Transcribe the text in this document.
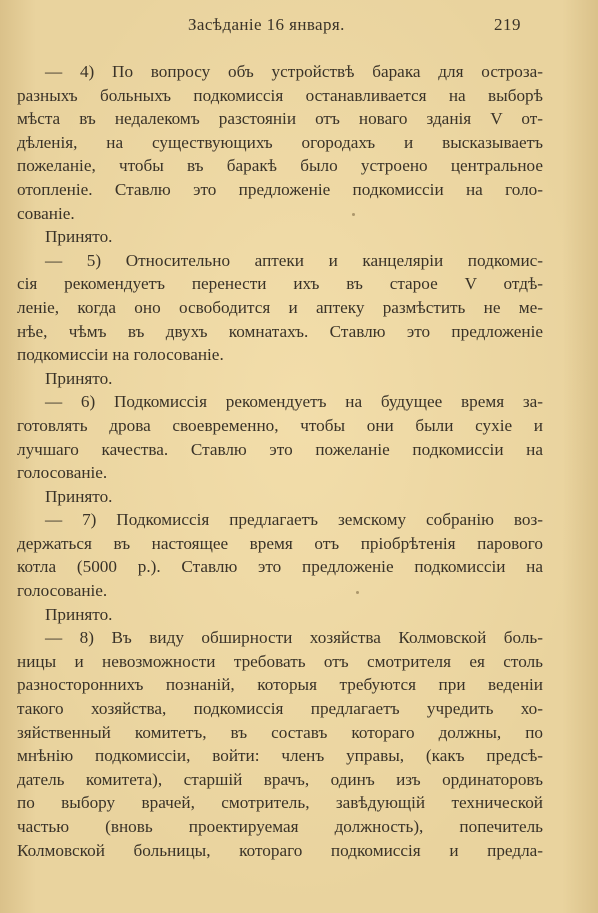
Засѣданіе 16 января.	219
— 4) По вопросу объ устройствѣ барака для остроза-
разныхъ больныхъ подкомиссія останавливается на выборѣ
мѣста въ недалекомъ разстояніи отъ новаго зданія V от-
дѣленія, на существующихъ огородахъ и высказываетъ
пожеланіе, чтобы въ баракѣ было устроено центральное
отопленіе. Ставлю это предложеніе подкомиссіи на голо-
сованіе.
Принято.
— 5) Относительно аптеки и канцеляріи подкомис-
сія рекомендуетъ перенести ихъ въ старое V отдѣ-
леніе, когда оно освободится и аптеку размѣстить не ме-
нѣе, чѣмъ въ двухъ комнатахъ. Ставлю это предложеніе
подкомиссіи на голосованіе.
Принято.
— 6) Подкомиссія рекомендуетъ на будущее время за-
готовлять дрова своевременно, чтобы они были сухіе и
лучшаго качества. Ставлю это пожеланіе подкомиссіи на
голосованіе.
Принято.
— 7) Подкомиссія предлагаетъ земскому собранію воз-
держаться въ настоящее время отъ пріобрѣтенія парового
котла (5000 р.). Ставлю это предложеніе подкомиссіи на
голосованіе.
Принято.
— 8) Въ виду обширности хозяйства Колмовской боль-
ницы и невозможности требовать отъ смотрителя ея столь
разностороннихъ познаній, которыя требуются при веденіи
такого хозяйства, подкомиссія предлагаетъ учредить хо-
зяйственный комитетъ, въ составъ котораго должны, по
мнѣнію подкомиссіи, войти: членъ управы, (какъ предсѣ-
датель комитета), старшій врачъ, одинъ изъ ординаторовъ
по выбору врачей, смотритель, завѣдующій технической
частью (вновь проектируемая должность), попечитель
Колмовской больницы, котораго подкомиссія и предла-
